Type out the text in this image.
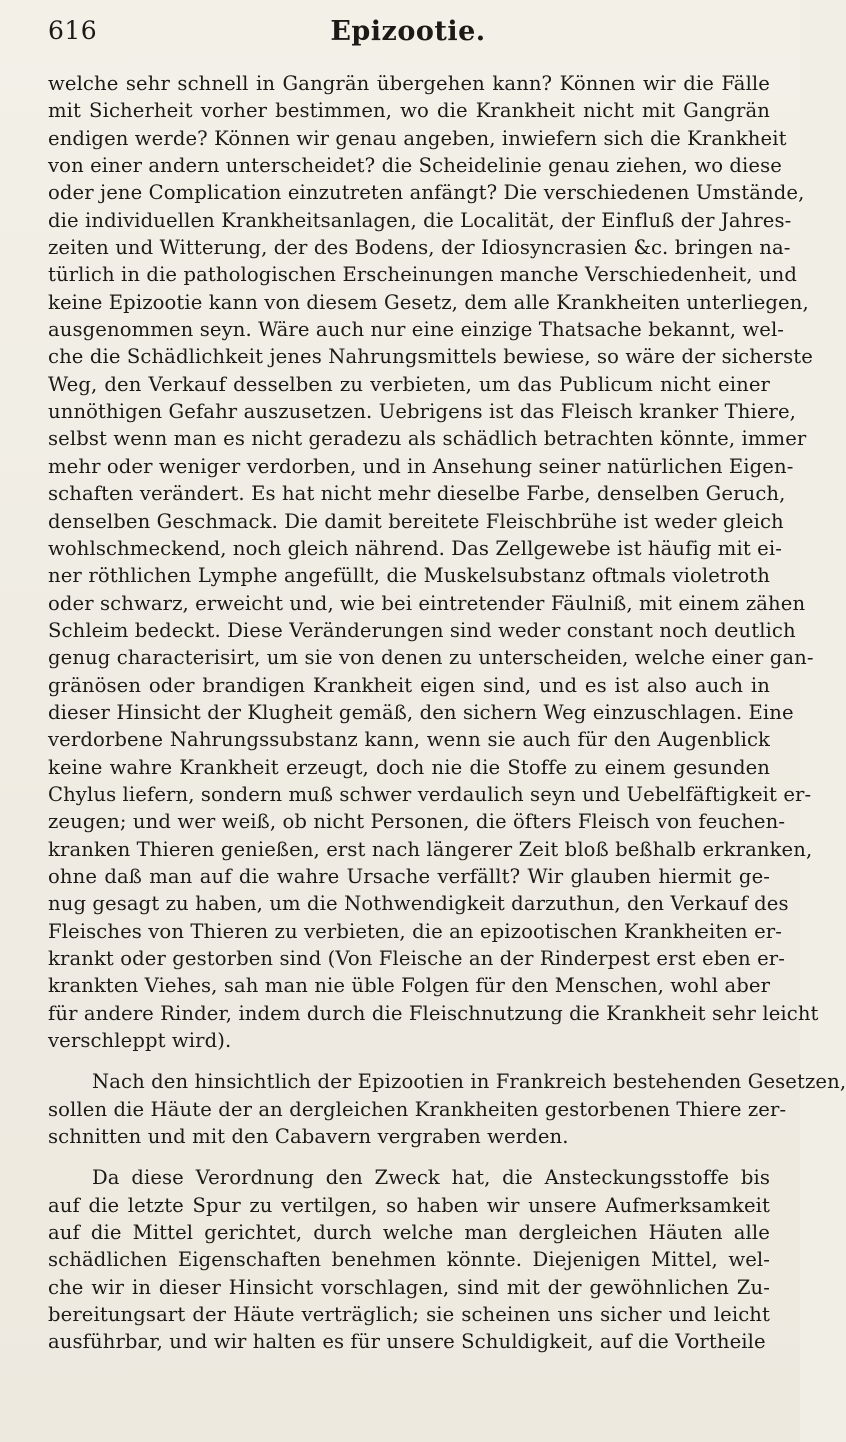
616	Epizootie.
welche sehr schnell in Gangrän übergehen kann? Können wir die Fälle
mit Sicherheit vorher bestimmen, wo die Krankheit nicht mit Gangrän
endigen werde? Können wir genau angeben, inwiefern sich die Krankheit
von einer andern unterscheidet? die Scheidelinie genau ziehen, wo diese
oder jene Complication einzutreten anfängt? Die verschiedenen Umstände,
die individuellen Krankheitsanlagen, die Localität, der Einfluß der Jahres-
zeiten und Witterung, der des Bodens, der Idiosyncrasien &c. bringen na-
türlich in die pathologischen Erscheinungen manche Verschiedenheit, und
keine Epizootie kann von diesem Gesetz, dem alle Krankheiten unterliegen,
ausgenommen seyn. Wäre auch nur eine einzige Thatsache bekannt, wel-
che die Schädlichkeit jenes Nahrungsmittels bewiese, so wäre der sicherste
Weg, den Verkauf desselben zu verbieten, um das Publicum nicht einer
unnöthigen Gefahr auszusetzen. Uebrigens ist das Fleisch kranker Thiere,
selbst wenn man es nicht geradezu als schädlich betrachten könnte, immer
mehr oder weniger verdorben, und in Ansehung seiner natürlichen Eigen-
schaften verändert. Es hat nicht mehr dieselbe Farbe, denselben Geruch,
denselben Geschmack. Die damit bereitete Fleischbrühe ist weder gleich
wohlschmeckend, noch gleich nährend. Das Zellgewebe ist häufig mit ei-
ner röthlichen Lymphe angefüllt, die Muskelsubstanz oftmals violetroth
oder schwarz, erweicht und, wie bei eintretender Fäulniß, mit einem zähen
Schleim bedeckt. Diese Veränderungen sind weder constant noch deutlich
genug characterisirt, um sie von denen zu unterscheiden, welche einer gan-
gränösen oder brandigen Krankheit eigen sind, und es ist also auch in
dieser Hinsicht der Klugheit gemäß, den sichern Weg einzuschlagen. Eine
verdorbene Nahrungssubstanz kann, wenn sie auch für den Augenblick
keine wahre Krankheit erzeugt, doch nie die Stoffe zu einem gesunden
Chylus liefern, sondern muß schwer verdaulich seyn und Uebelfäftigkeit er-
zeugen; und wer weiß, ob nicht Personen, die öfters Fleisch von feuchen-
kranken Thieren genießen, erst nach längerer Zeit bloß beßhalb erkranken,
ohne daß man auf die wahre Ursache verfällt? Wir glauben hiermit ge-
nug gesagt zu haben, um die Nothwendigkeit darzuthun, den Verkauf des
Fleisches von Thieren zu verbieten, die an epizootischen Krankheiten er-
krankt oder gestorben sind (Von Fleische an der Rinderpest erst eben er-
krankten Viehes, sah man nie üble Folgen für den Menschen, wohl aber
für andere Rinder, indem durch die Fleischnutzung die Krankheit sehr leicht
verschleppt wird).
Nach den hinsichtlich der Epizootien in Frankreich bestehenden Gesetzen,
sollen die Häute der an dergleichen Krankheiten gestorbenen Thiere zer-
schnitten und mit den Cabavern vergraben werden.
Da diese Verordnung den Zweck hat, die Ansteckungsstoffe bis
auf die letzte Spur zu vertilgen, so haben wir unsere Aufmerksamkeit
auf die Mittel gerichtet, durch welche man dergleichen Häuten alle
schädlichen Eigenschaften benehmen könnte. Diejenigen Mittel, wel-
che wir in dieser Hinsicht vorschlagen, sind mit der gewöhnlichen Zu-
bereitungsart der Häute verträglich; sie scheinen uns sicher und leicht
ausführbar, und wir halten es für unsere Schuldigkeit, auf die Vortheile
